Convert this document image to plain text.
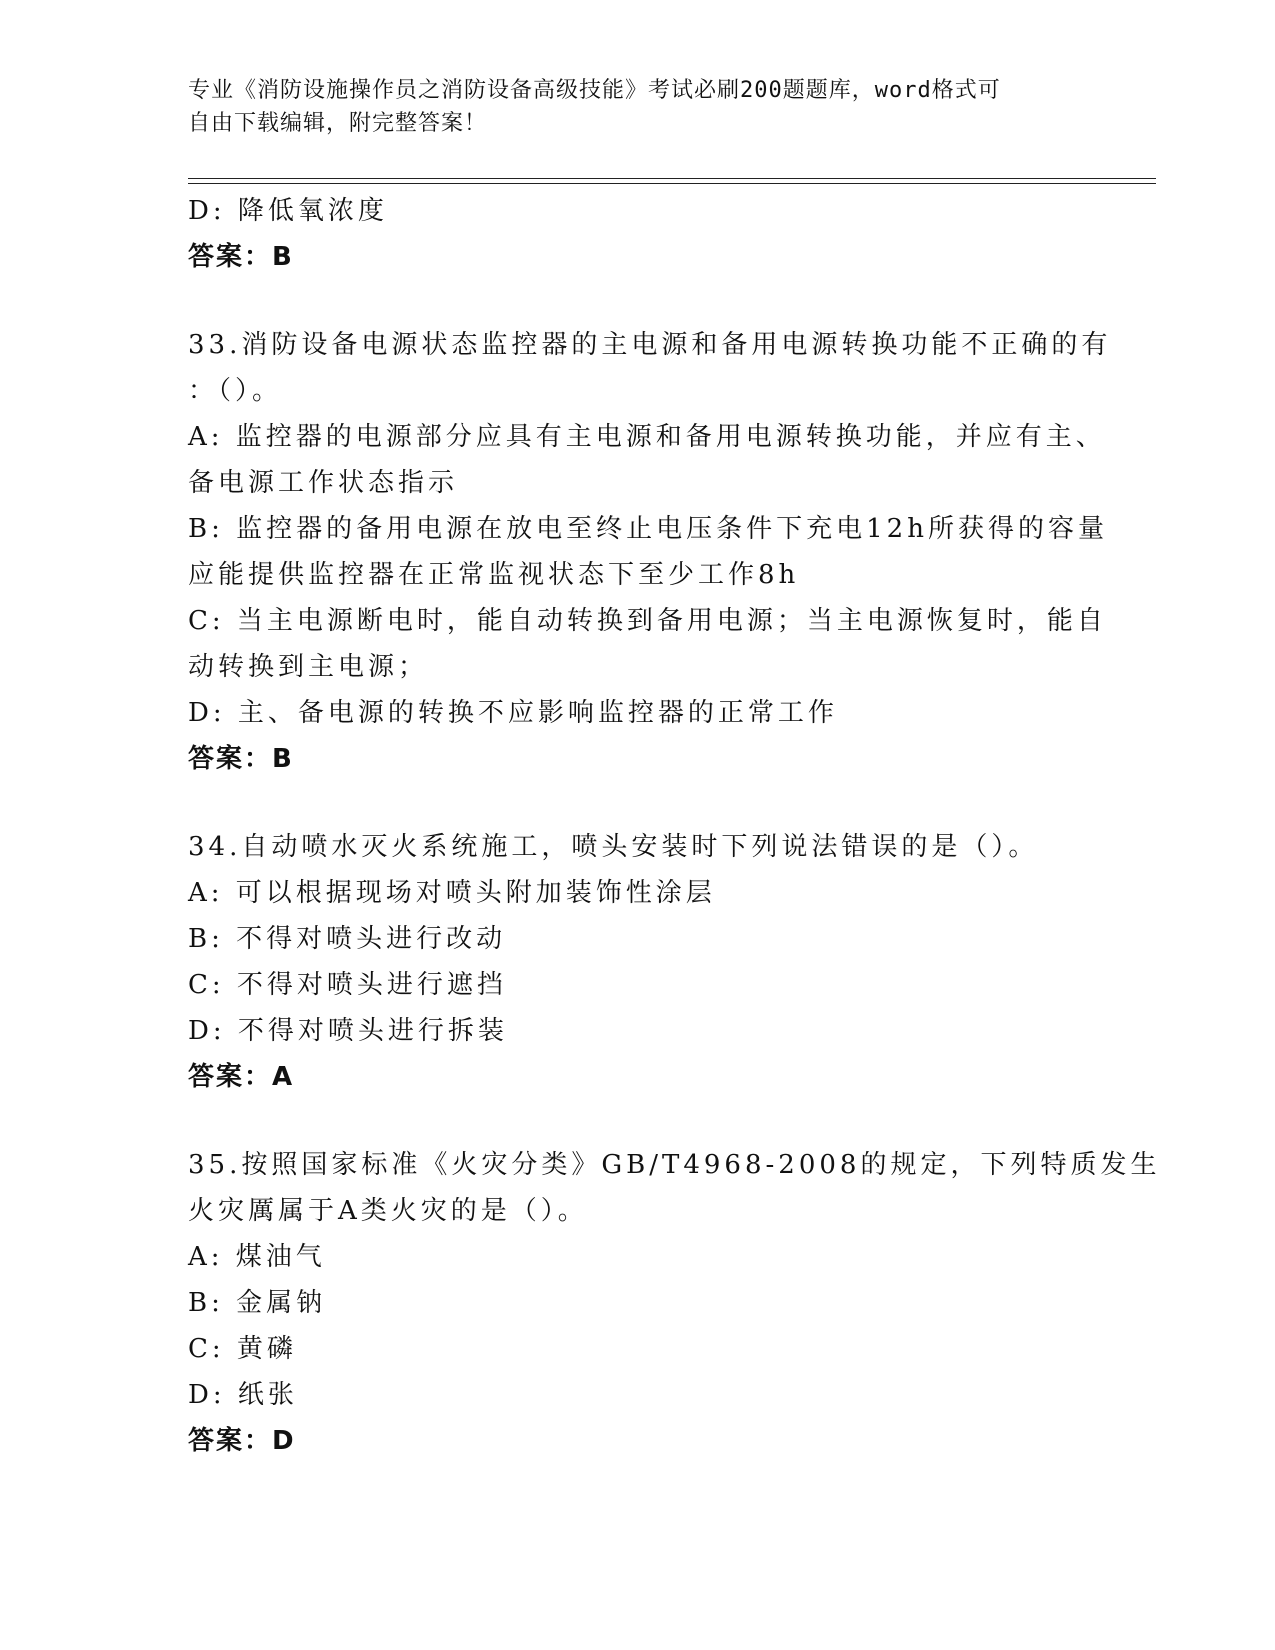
专业《消防设施操作员之消防设备高级技能》考试必刷200题题库，word格式可
自由下载编辑，附完整答案！
D: 降低氧浓度
答案：B
33.消防设备电源状态监控器的主电源和备用电源转换功能不正确的有
：（）。
A: 监控器的电源部分应具有主电源和备用电源转换功能，并应有主、
备电源工作状态指示
B: 监控器的备用电源在放电至终止电压条件下充电12h所获得的容量
应能提供监控器在正常监视状态下至少工作8h
C: 当主电源断电时，能自动转换到备用电源；当主电源恢复时，能自
动转换到主电源；
D: 主、备电源的转换不应影响监控器的正常工作
答案：B
34.自动喷水灭火系统施工，喷头安装时下列说法错误的是（）。
A: 可以根据现场对喷头附加装饰性涂层
B: 不得对喷头进行改动
C: 不得对喷头进行遮挡
D: 不得对喷头进行拆装
答案：A
35.按照国家标准《火灾分类》GB/T4968-2008的规定，下列特质发生
火灾厲属于A类火灾的是（）。
A: 煤油气
B: 金属钠
C: 黄磷
D: 纸张
答案：D
